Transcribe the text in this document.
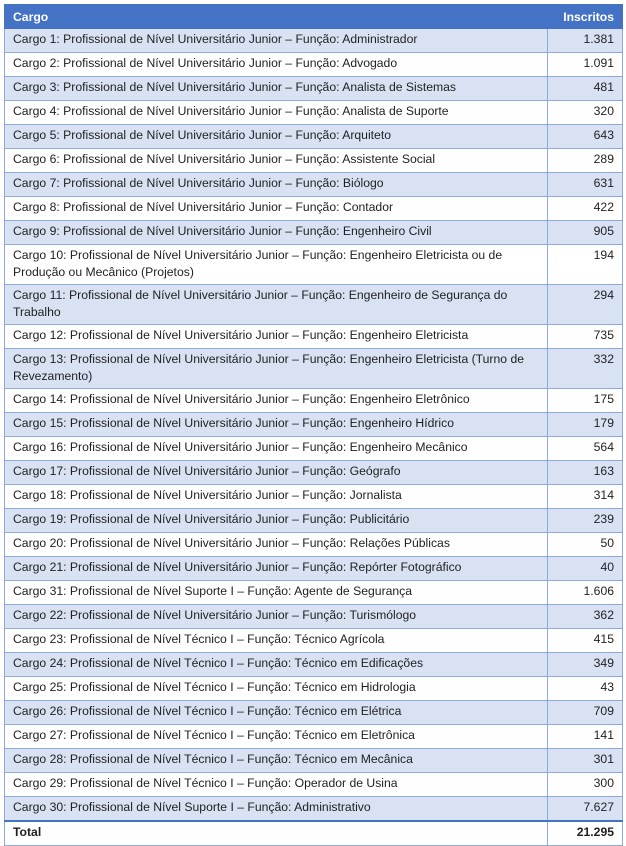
Cargo	Inscritos
Cargo 1: Profissional de Nível Universitário Junior – Função: Administrador	1.381
Cargo 2: Profissional de Nível Universitário Junior – Função: Advogado	1.091
Cargo 3: Profissional de Nível Universitário Junior – Função: Analista de Sistemas	481
Cargo 4: Profissional de Nível Universitário Junior – Função: Analista de Suporte	320
Cargo 5: Profissional de Nível Universitário Junior – Função: Arquiteto	643
Cargo 6: Profissional de Nível Universitário Junior – Função: Assistente Social	289
Cargo 7: Profissional de Nível Universitário Junior – Função: Biólogo	631
Cargo 8: Profissional de Nível Universitário Junior – Função: Contador	422
Cargo 9: Profissional de Nível Universitário Junior – Função: Engenheiro Civil	905
Cargo 10: Profissional de Nível Universitário Junior – Função: Engenheiro Eletricista ou de Produção ou Mecânico (Projetos)	194
Cargo 11: Profissional de Nível Universitário Junior – Função: Engenheiro de Segurança do Trabalho	294
Cargo 12: Profissional de Nível Universitário Junior – Função: Engenheiro Eletricista	735
Cargo 13: Profissional de Nível Universitário Junior – Função: Engenheiro Eletricista (Turno de Revezamento)	332
Cargo 14: Profissional de Nível Universitário Junior – Função: Engenheiro Eletrônico	175
Cargo 15: Profissional de Nível Universitário Junior – Função: Engenheiro Hídrico	179
Cargo 16: Profissional de Nível Universitário Junior – Função: Engenheiro Mecânico	564
Cargo 17: Profissional de Nível Universitário Junior – Função: Geógrafo	163
Cargo 18: Profissional de Nível Universitário Junior – Função: Jornalista	314
Cargo 19: Profissional de Nível Universitário Junior – Função: Publicitário	239
Cargo 20: Profissional de Nível Universitário Junior – Função: Relações Públicas	50
Cargo 21: Profissional de Nível Universitário Junior – Função: Repórter Fotográfico	40
Cargo 31: Profissional de Nível Suporte I – Função: Agente de Segurança	1.606
Cargo 22: Profissional de Nível Universitário Junior – Função: Turismólogo	362
Cargo 23: Profissional de Nível Técnico I – Função: Técnico Agrícola	415
Cargo 24: Profissional de Nível Técnico I – Função: Técnico em Edificações	349
Cargo 25: Profissional de Nível Técnico I – Função: Técnico em Hidrologia	43
Cargo 26: Profissional de Nível Técnico I – Função: Técnico em Elétrica	709
Cargo 27: Profissional de Nível Técnico I – Função: Técnico em Eletrônica	141
Cargo 28: Profissional de Nível Técnico I – Função: Técnico em Mecânica	301
Cargo 29: Profissional de Nível Técnico I – Função: Operador de Usina	300
Cargo 30: Profissional de Nível Suporte I – Função: Administrativo	7.627
Total	21.295
